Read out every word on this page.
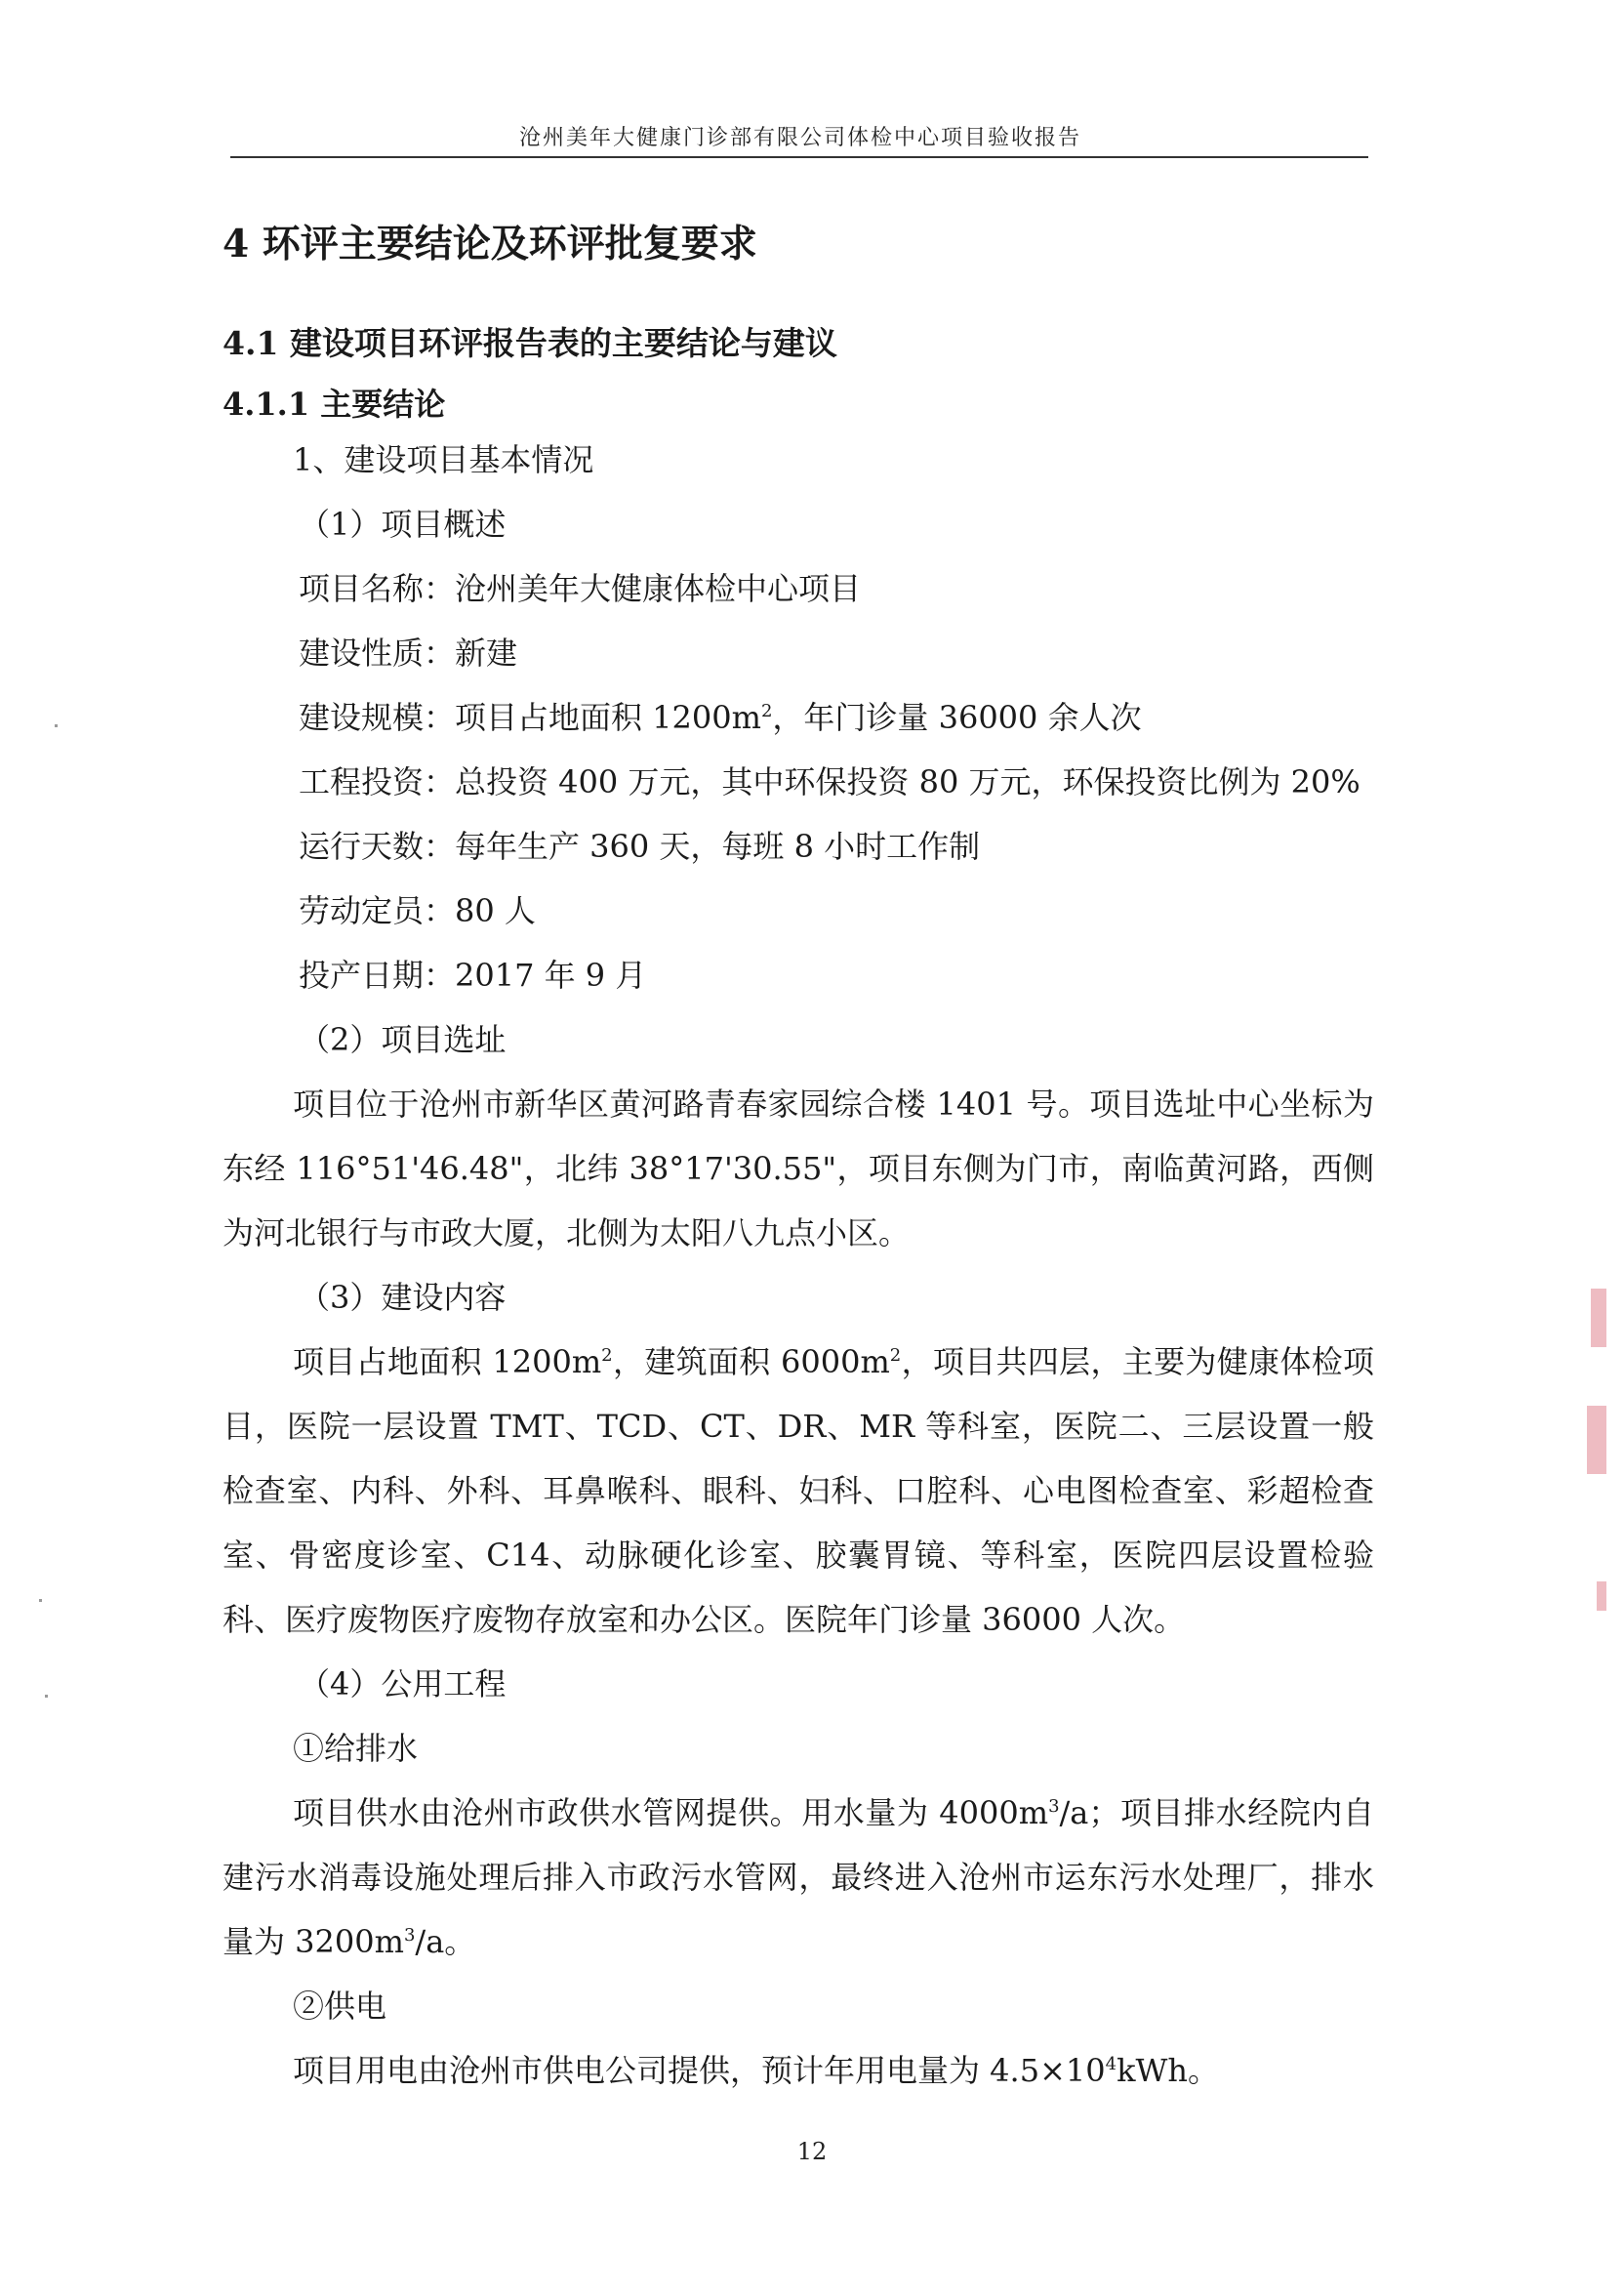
沧州美年大健康门诊部有限公司体检中心项目验收报告
4 环评主要结论及环评批复要求
4.1 建设项目环评报告表的主要结论与建议
4.1.1 主要结论

1、建设项目基本情况

（1）项目概述

项目名称：沧州美年大健康体检中心项目

建设性质：新建

建设规模：项目占地面积 $1200m^2$，年门诊量 36000 余人次

工程投资：总投资 400 万元，其中环保投资 80 万元，环保投资比例为 20%

运行天数：每年生产 360 天，每班 8 小时工作制

劳动定员：80 人

投产日期：2017 年 9 月

（2）项目选址

项目位于沧州市新华区黄河路青春家园综合楼 1401 号。项目选址中心坐标为东经 116°51'46.48"，北纬 38°17'30.55"，项目东侧为门市，南临黄河路，西侧为河北银行与市政大厦，北侧为太阳八九点小区。

（3）建设内容

项目占地面积 $1200m^2$，建筑面积 $6000m^2$，项目共四层，主要为健康体检项目，医院一层设置 TMT、TCD、CT、DR、MR 等科室，医院二、三层设置一般检查室、内科、外科、耳鼻喉科、眼科、妇科、口腔科、心电图检查室、彩超检查室、骨密度诊室、C14、动脉硬化诊室、胶囊胃镜、等科室，医院四层设置检验科、医疗废物医疗废物存放室和办公区。医院年门诊量 36000 人次。

（4）公用工程

①给排水

项目供水由沧州市政供水管网提供。用水量为 $4000m^3/a$；项目排水经院内自建污水消毒设施处理后排入市政污水管网，最终进入沧州市运东污水处理厂，排水量为 $3200m^3/a$。

②供电

项目用电由沧州市供电公司提供，预计年用电量为 $4.5\times 10^4kWh$。

12
